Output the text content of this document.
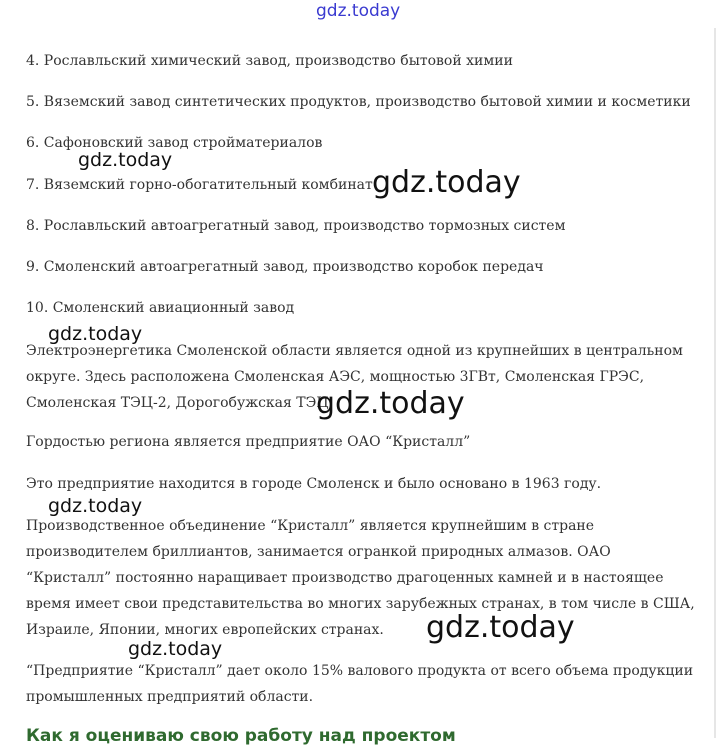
gdz.today
4. Рославльский химический завод, производство бытовой химии
5. Вяземский завод синтетических продуктов, производство бытовой химии и косметики
6. Сафоновский завод стройматериалов
7. Вяземский горно-обогатительный комбинат
8. Рославльский автоагрегатный завод, производство тормозных систем
9. Смоленский автоагрегатный завод, производство коробок передач
10. Смоленский авиационный завод
Электроэнергетика Смоленской области является одной из крупнейших в центральном округе. Здесь расположена Смоленская АЭС, мощностью 3ГВт, Смоленская ГРЭС, Смоленская ТЭЦ-2, Дорогобужская ТЭЦ.
Гордостью региона является предприятие ОАО “Кристалл”
Это предприятие находится в городе Смоленск и было основано в 1963 году.
Производственное объединение “Кристалл” является крупнейшим в стране производителем бриллиантов, занимается огранкой природных алмазов. ОАО “Кристалл” постоянно наращивает производство драгоценных камней и в настоящее время имеет свои представительства во многих зарубежных странах, в том числе в США, Израиле, Японии, многих европейских странах.
“Предприятие “Кристалл” дает около 15% валового продукта от всего объема продукции промышленных предприятий области.
gdz.today
gdz.today
gdz.today
gdz.today
gdz.today
gdz.today
gdz.today
Как я оцениваю свою работу над проектом
